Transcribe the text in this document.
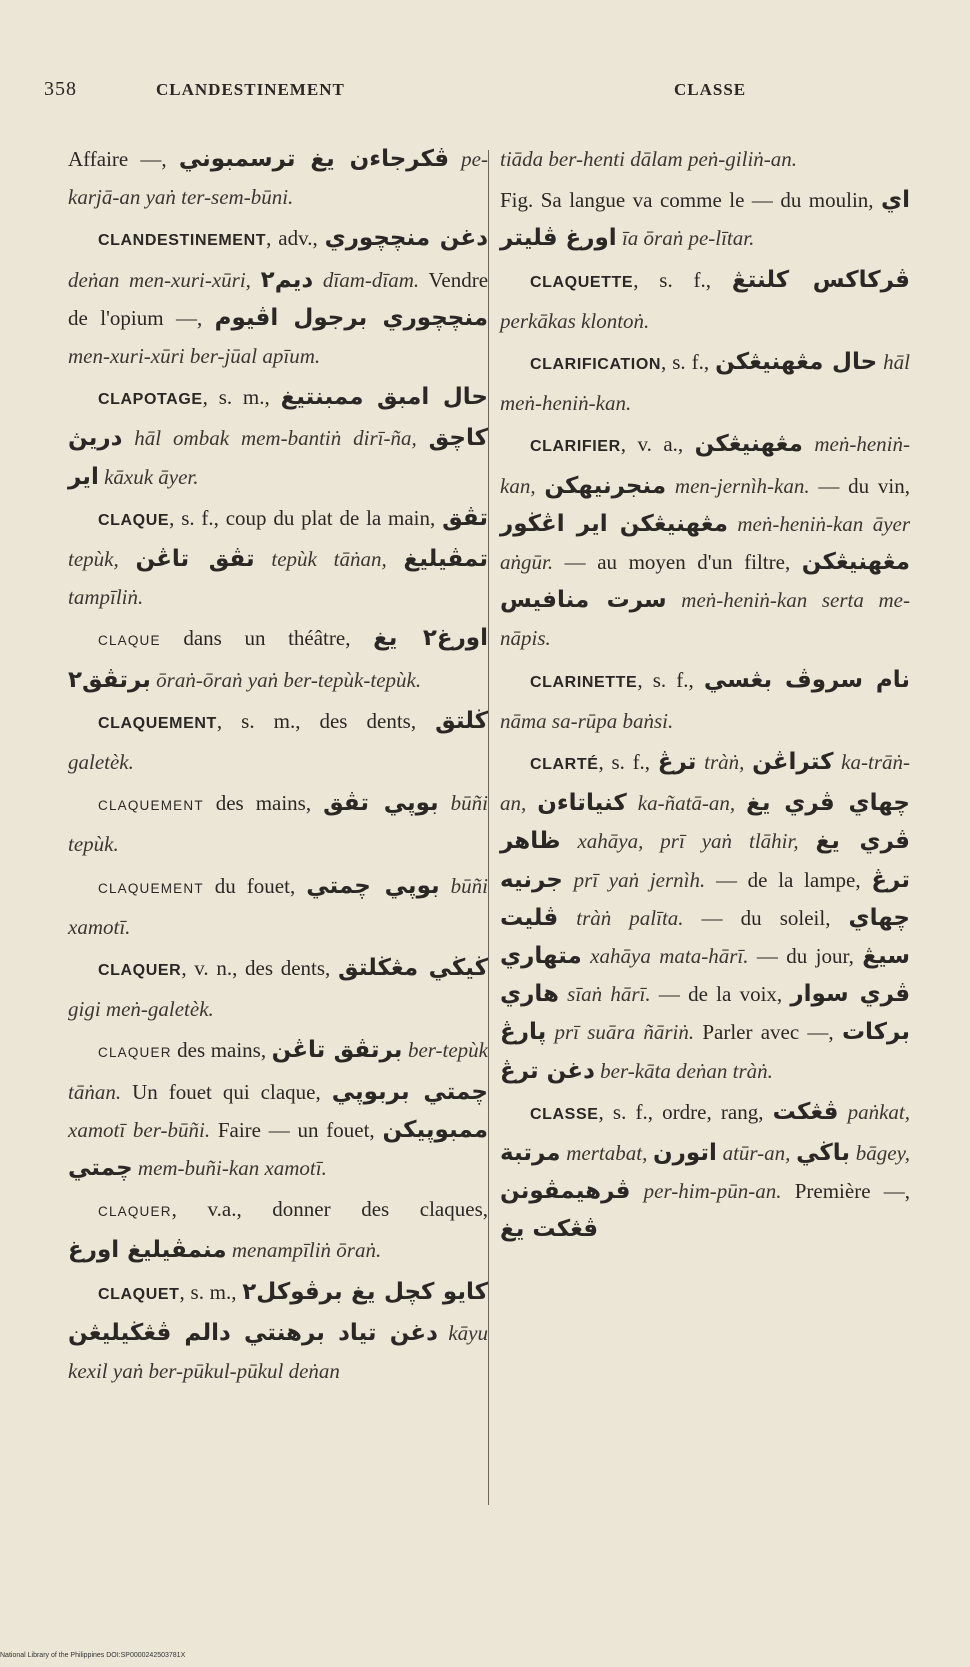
358	CLANDESTINEMENT	CLASSE

Affaire —, ڤكرجاءن يغ ترسمبوني pe-karjā-an yaṅ ter-sem-būni.

CLANDESTINEMENT, adv., دغن منچچوري deṅan men-xuri-xūri, ديم٢ dīam-dīam. Vendre de l'opium —, منچچوري برجول اڤيوم men-xuri-xūri ber-jūal apīum.

CLAPOTAGE, s. m., حال امبق ممبنتيغ دريڽ hāl ombak mem-bantiṅ dirī-ña, كاچق اير kāxuk āyer.

CLAQUE, s. f., coup du plat de la main, تڤق tepùk, تڤق تاڠن tepùk tāṅan, تمڤيليغ tampīliṅ.

CLAQUE dans un théâtre, اورغ٢ يغ برتڤق٢ ōraṅ-ōraṅ yaṅ ber-tepùk-tepùk.

CLAQUEMENT, s. m., des dents, ڬلتق galetèk.

CLAQUEMENT des mains, بوڽي تڤق būñi tepùk.

CLAQUEMENT du fouet, بوڽي چمتي būñi xamotī.

CLAQUER, v. n., des dents, ڬيڬي مڠڬلتق gigi meṅ-galetèk.

CLAQUER des mains, برتڤق تاڠن ber-tepùk tāṅan. Un fouet qui claque, چمتي بربوڽي xamotī ber-būñi. Faire — un fouet, ممبوڽيكن چمتي mem-buñi-kan xamotī.

CLAQUER, v.a., donner des claques, منمڤيليغ اورغ menampīliṅ ōraṅ.

CLAQUET, s. m., كايو كچل يغ برڤوكل٢ دغن تياد برهنتي دالم ڤڠڬيليڠن kāyu kexil yaṅ ber-pūkul-pūkul deṅan

tiāda ber-henti dālam peṅ-giliṅ-an.

Fig. Sa langue va comme le — du moulin, اي اورغ ڤليتر īa ōraṅ pe-lītar.

CLAQUETTE, s. f., ڤركاكس كلنتڠ perkākas klontoṅ.

CLARIFICATION, s. f., حال مڠهنيڠكن hāl meṅ-heniṅ-kan.

CLARIFIER, v. a., مڠهنيڠكن meṅ-heniṅ-kan, منجرنيهكن men-jernìh-kan. — du vin, مڠهنيڠكن اير اڠڬور meṅ-heniṅ-kan āyer aṅgūr. — au moyen d'un filtre, مڠهنيڠكن سرت منافيس meṅ-heniṅ-kan serta me-nāpis.

CLARINETTE, s. f., نام سروڤ بڠسي nāma sa-rūpa baṅsi.

CLARTÉ, s. f., ترڠ tràṅ, كتراڠن ka-trāṅ-an, كنياتاءن ka-ñatā-an, چهاي ڤري يغ ظاهر xahāya, prī yaṅ tlāhir, ڤري يغ جرنيه prī yaṅ jernìh. — de la lampe, ترڠ ڤليت tràṅ palīta. — du soleil, چهاي متهاري xahāya mata-hārī. — du jour, سيڠ هاري sīaṅ hārī. — de la voix, ڤري سوار ڽارڠ prī suāra ñāriṅ. Parler avec —, بركات دغن ترڠ ber-kāta deṅan tràṅ.

CLASSE, s. f., ordre, rang, ڤڠكت paṅkat, مرتبة mertabat, اتورن atūr-an, باڬي bāgey, ڤرهيمڤونن per-him-pūn-an. Première —, ڤڠكت يغ

National Library of the Philippines DOI:SP0000242503781X
